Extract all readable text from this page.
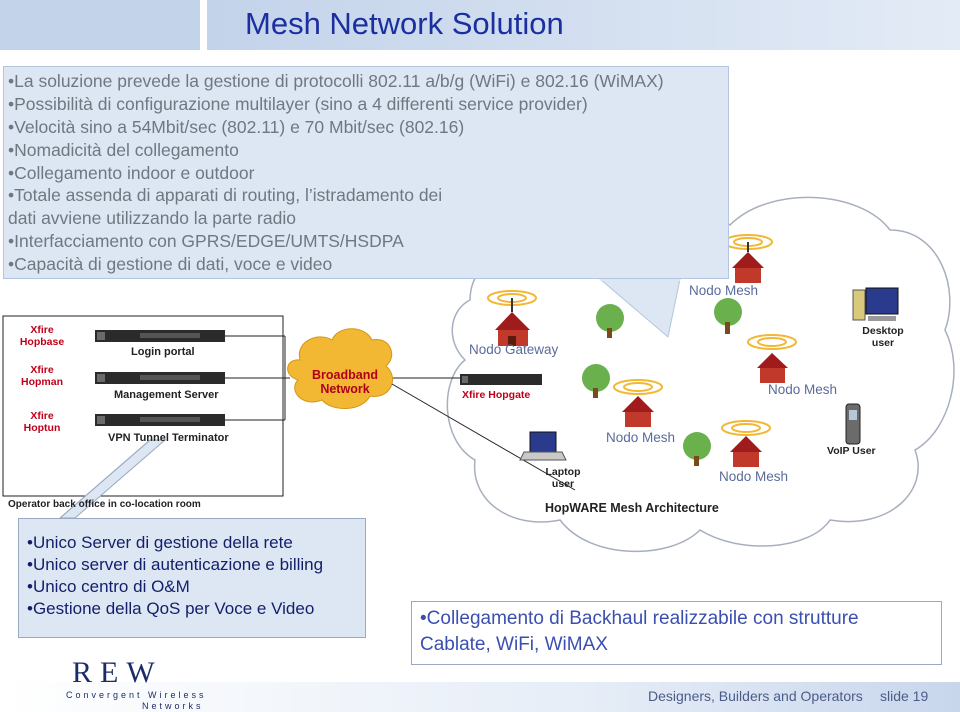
Mesh Network Solution
•La soluzione prevede la gestione di protocolli 802.11 a/b/g (WiFi) e 802.16 (WiMAX)
•Possibilità di configurazione multilayer (sino a 4 differenti service provider)
•Velocità sino a 54Mbit/sec (802.11) e 70 Mbit/sec (802.16)
•Nomadicità del collegamento
•Collegamento indoor e outdoor
•Totale assenda di apparati di routing, l’istradamento dei
dati avviene utilizzando la parte radio
•Interfacciamento con GPRS/EDGE/UMTS/HSDPA
•Capacità di gestione di dati, voce e video
Xfire Hopbase
Xfire Hopman
Xfire Hoptun
Login portal
Management Server
VPN Tunnel Terminator
Operator back office in co-location room
Broadband Network
Nodo Gateway
Xfire Hopgate
Nodo Mesh
Nodo Mesh
Nodo Mesh
Nodo Mesh
Desktop user
Laptop user
VoIP User
HopWARE Mesh Architecture
•Unico Server di gestione della rete
•Unico server di autenticazione e billing
•Unico centro di O&M
•Gestione della QoS per Voce e Video	•Collegamento di Backhaul realizzabile con strutture
Cablate, WiFi, WiMAX
Designers, Builders and Operators slide 19
REW
Convergent Wireless
Networks
